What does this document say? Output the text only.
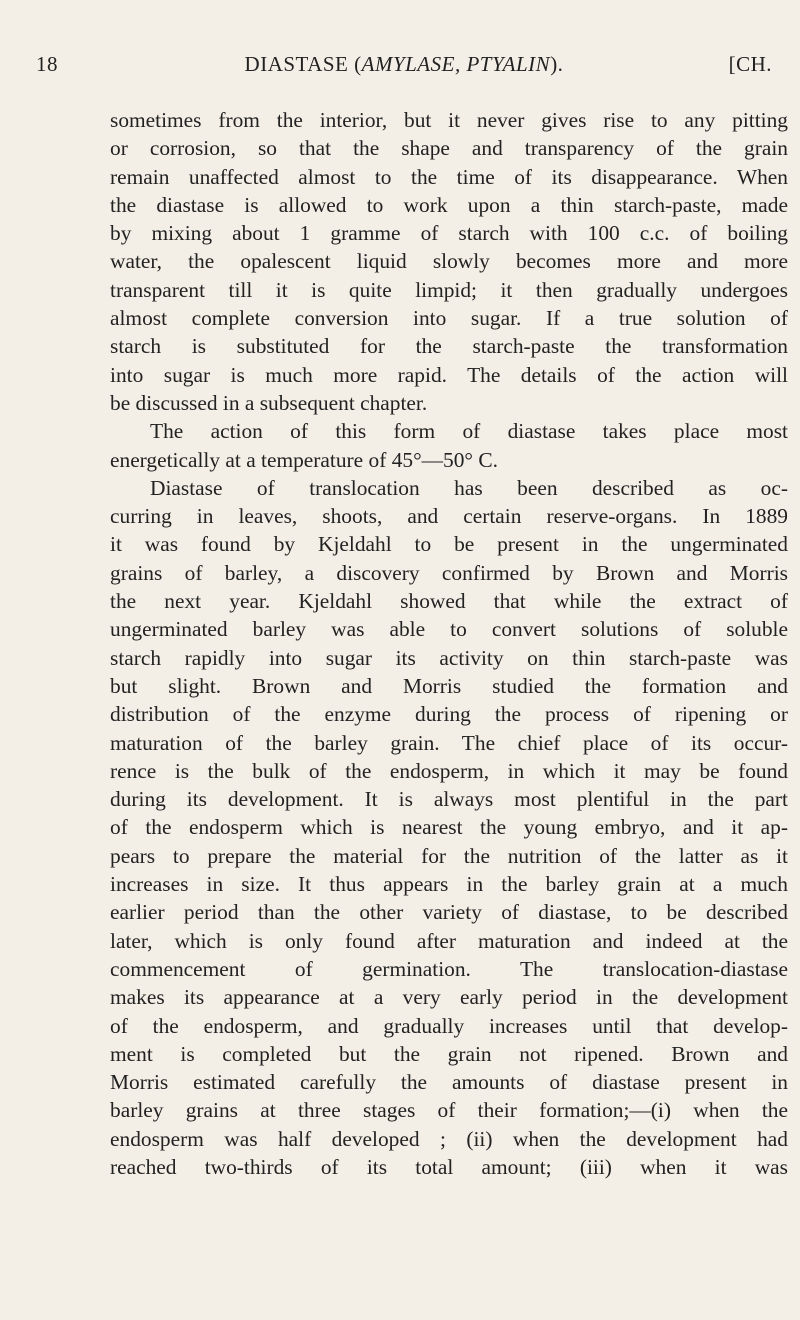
18	DIASTASE (AMYLASE, PTYALIN).	[CH.
sometimes from the interior, but it never gives rise to any pitting
or corrosion, so that the shape and transparency of the grain
remain unaffected almost to the time of its disappearance. When
the diastase is allowed to work upon a thin starch-paste, made
by mixing about 1 gramme of starch with 100 c.c. of boiling
water, the opalescent liquid slowly becomes more and more
transparent till it is quite limpid; it then gradually undergoes
almost complete conversion into sugar. If a true solution of
starch is substituted for the starch-paste the transformation
into sugar is much more rapid. The details of the action will
be discussed in a subsequent chapter.
The action of this form of diastase takes place most
energetically at a temperature of 45°—50° C.
Diastase of translocation has been described as oc-
curring in leaves, shoots, and certain reserve-organs. In 1889
it was found by Kjeldahl to be present in the ungerminated
grains of barley, a discovery confirmed by Brown and Morris
the next year. Kjeldahl showed that while the extract of
ungerminated barley was able to convert solutions of soluble
starch rapidly into sugar its activity on thin starch-paste was
but slight. Brown and Morris studied the formation and
distribution of the enzyme during the process of ripening or
maturation of the barley grain. The chief place of its occur-
rence is the bulk of the endosperm, in which it may be found
during its development. It is always most plentiful in the part
of the endosperm which is nearest the young embryo, and it ap-
pears to prepare the material for the nutrition of the latter as it
increases in size. It thus appears in the barley grain at a much
earlier period than the other variety of diastase, to be described
later, which is only found after maturation and indeed at the
commencement of germination. The translocation-diastase
makes its appearance at a very early period in the development
of the endosperm, and gradually increases until that develop-
ment is completed but the grain not ripened. Brown and
Morris estimated carefully the amounts of diastase present in
barley grains at three stages of their formation;—(i) when the
endosperm was half developed ; (ii) when the development had
reached two-thirds of its total amount; (iii) when it was
